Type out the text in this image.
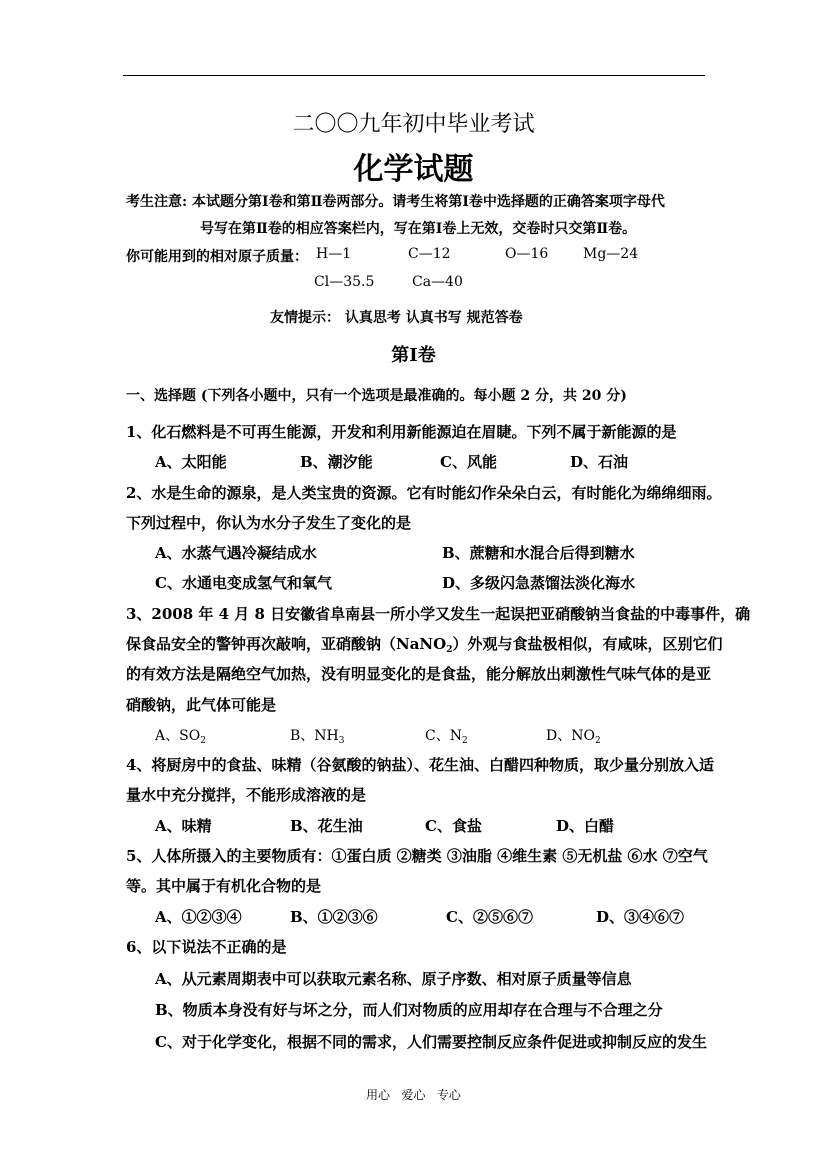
二〇〇九年初中毕业考试
化学试题
考生注意: 本试题分第Ⅰ卷和第Ⅱ卷两部分。请考生将第Ⅰ卷中选择题的正确答案项字母代
号写在第Ⅱ卷的相应答案栏内，写在第Ⅰ卷上无效，交卷时只交第Ⅱ卷。
你可能用到的相对原子质量： H—1	C—12	O—16 Mg—24
Cl—35.5	Ca—40
友情提示： 认真思考 认真书写 规范答卷
第Ⅰ卷
一、选择题 (下列各小题中，只有一个选项是最准确的。每小题 2 分，共 20 分)
1、化石燃料是不可再生能源，开发和利用新能源迫在眉睫。下列不属于新能源的是
A、太阳能	B、潮汐能	C、风能	D、石油
2、水是生命的源泉，是人类宝贵的资源。它有时能幻作朵朵白云，有时能化为绵绵细雨。
下列过程中，你认为水分子发生了变化的是
A、水蒸气遇冷凝结成水	B、蔗糖和水混合后得到糖水
C、水通电变成氢气和氧气	D、多级闪急蒸馏法淡化海水
3、2008 年 4 月 8 日安徽省阜南县一所小学又发生一起误把亚硝酸钠当食盐的中毒事件，确
保食品安全的警钟再次敲响，亚硝酸钠（NaNO$_2$）外观与食盐极相似，有咸味，区别它们
的有效方法是隔绝空气加热，没有明显变化的是食盐，能分解放出刺激性气味气体的是亚
硝酸钠，此气体可能是
A、$SO_2$	B、$NH_3$	C、$N_2$	D、$NO_2$
4、将厨房中的食盐、味精（谷氨酸的钠盐）、花生油、白醋四种物质，取少量分别放入适
量水中充分搅拌，不能形成溶液的是
A、味精	B、花生油	C、食盐	D、白醋
5、人体所摄入的主要物质有：①蛋白质 ②糖类 ③油脂 ④维生素 ⑤无机盐 ⑥水 ⑦空气
等。其中属于有机化合物的是
A、①②③④	B、①②③⑥	C、②⑤⑥⑦	D、③④⑥⑦
6、以下说法不正确的是
A、从元素周期表中可以获取元素名称、原子序数、相对原子质量等信息
B、物质本身没有好与坏之分，而人们对物质的应用却存在合理与不合理之分
C、对于化学变化，根据不同的需求，人们需要控制反应条件促进或抑制反应的发生
用心   爱心   专心
